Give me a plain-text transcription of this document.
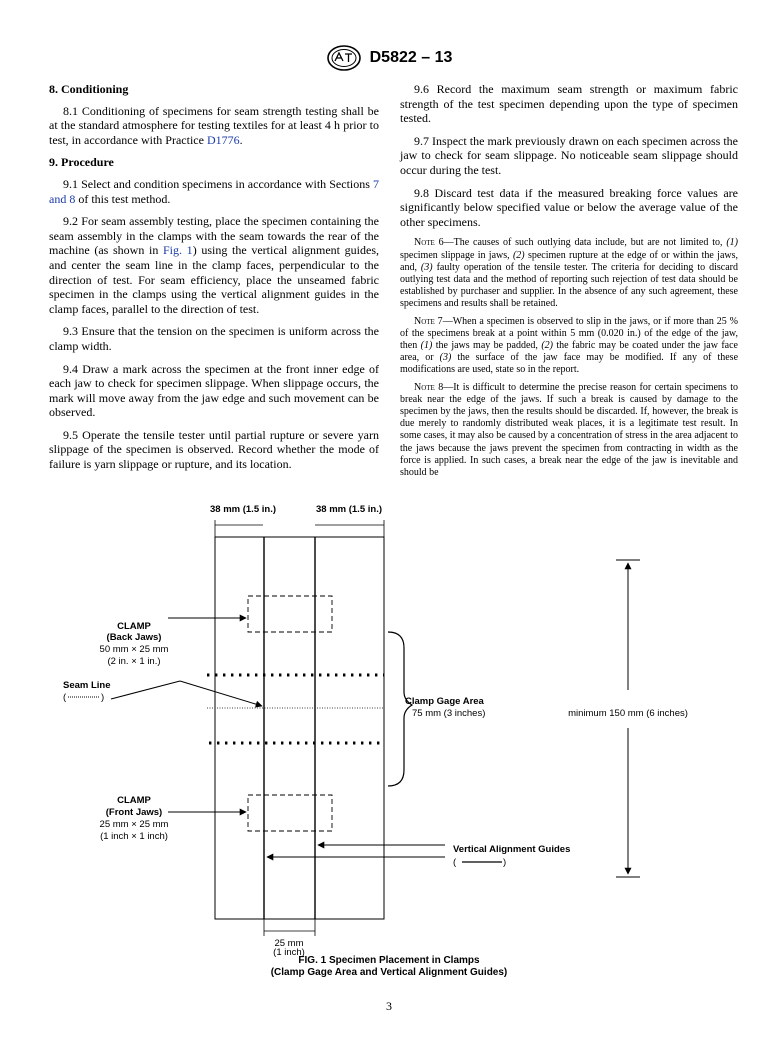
D5822 – 13
8. Conditioning

8.1 Conditioning of specimens for seam strength testing shall be at the standard atmosphere for testing textiles for at least 4 h prior to test, in accordance with Practice D1776.

9. Procedure

9.1 Select and condition specimens in accordance with Sections 7 and 8 of this test method.

9.2 For seam assembly testing, place the specimen containing the seam assembly in the clamps with the seam towards the rear of the machine (as shown in Fig. 1) using the vertical alignment guides, and center the seam line in the clamp faces, perpendicular to the direction of test. For seam efficiency, place the unseamed fabric specimen in the clamps using the vertical alignment guides in the clamp faces, parallel to the direction of test.

9.3 Ensure that the tension on the specimen is uniform across the clamp width.

9.4 Draw a mark across the specimen at the front inner edge of each jaw to check for specimen slippage. When slippage occurs, the mark will move away from the jaw edge and such movement can be observed.

9.5 Operate the tensile tester until partial rupture or severe yarn slippage of the specimen is observed. Record whether the mode of failure is yarn slippage or rupture, and its location.

9.6 Record the maximum seam strength or maximum fabric strength of the test specimen depending upon the type of specimen tested.

9.7 Inspect the mark previously drawn on each specimen across the jaw to check for seam slippage. No noticeable seam slippage should occur during the test.

9.8 Discard test data if the measured breaking force values are significantly below specified value or below the average value of the other specimens.

Note 6—The causes of such outlying data include, but are not limited to, (1) specimen slippage in jaws, (2) specimen rupture at the edge of or within the jaws, and, (3) faulty operation of the tensile tester. The criteria for deciding to discard outlying test data and the method of reporting such rejection of test data should be established by purchaser and supplier. In the absence of any such agreement, these specimens and results shall be retained.

Note 7—When a specimen is observed to slip in the jaws, or if more than 25 % of the specimens break at a point within 5 mm (0.020 in.) of the edge of the jaw, then (1) the jaws may be padded, (2) the fabric may be coated under the jaw face area, or (3) the surface of the jaw face may be modified. If any of these modifications are used, state so in the report.

Note 8—It is difficult to determine the precise reason for certain specimens to break near the edge of the jaws. If such a break is caused by damage to the specimen by the jaws, then the results should be discarded. If, however, the break is due merely to randomly distributed weak places, it is a legitimate test result. In some cases, it may also be caused by a concentration of stress in the area adjacent to the jaws because the jaws prevent the specimen from contracting in width as the force is applied. In such cases, a break near the edge of the jaw is inevitable and should be

38 mm (1.5 in.)	38 mm (1.5 in.)
CLAMP
(Back Jaws)
50 mm × 25 mm
(2 in. × 1 in.)
Seam Line
(	)	Clamp Gage Area
75 mm (3 inches)	minimum 150 mm (6 inches)
CLAMP
(Front Jaws)
25 mm × 25 mm
(1 inch × 1 inch)
Vertical Alignment Guides
(	)
25 mm
(1 inch)
FIG. 1 Specimen Placement in Clamps
(Clamp Gage Area and Vertical Alignment Guides)
3
